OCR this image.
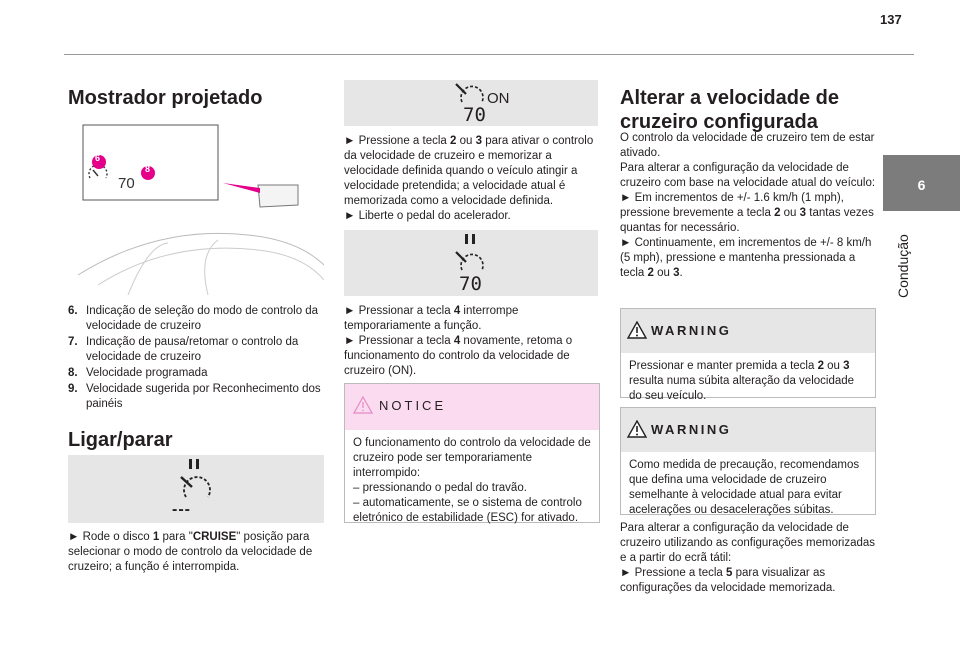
137
6
Condução
Mostrador projetado
6
8
70
6. Indicação de seleção do modo de controlo da velocidade de cruzeiro
7. Indicação de pausa/retomar o controlo da velocidade de cruzeiro
8. Velocidade programada
9. Velocidade sugerida por Reconhecimento dos painéis
Ligar/parar
---

► Rode o disco 1 para "CRUISE" posição para selecionar o modo de controlo da velocidade de cruzeiro; a função é interrompida.

ON
70

► Pressione a tecla 2 ou 3 para ativar o controlo da velocidade de cruzeiro e memorizar a velocidade definida quando o veículo atingir a velocidade pretendida; a velocidade atual é memorizada como a velocidade definida.

► Liberte o pedal do acelerador.

70

► Pressionar a tecla 4 interrompe temporariamente a função.

► Pressionar a tecla 4 novamente, retoma o funcionamento do controlo da velocidade de cruzeiro (ON).

NOTICE
O funcionamento do controlo da velocidade de cruzeiro pode ser temporariamente interrompido:
– pressionando o pedal do travão.
– automaticamente, se o sistema de controlo eletrónico de estabilidade (ESC) for ativado.
Alterar a velocidade de cruzeiro configurada

O controlo da velocidade de cruzeiro tem de estar ativado.

Para alterar a configuração da velocidade de cruzeiro com base na velocidade atual do veículo:

► Em incrementos de +/- 1.6 km/h (1 mph), pressione brevemente a tecla 2 ou 3 tantas vezes quantas for necessário.

► Continuamente, em incrementos de +/- 8 km/h (5 mph), pressione e mantenha pressionada a tecla 2 ou 3.

WARNING
Pressionar e manter premida a tecla 2 ou 3 resulta numa súbita alteração da velocidade do seu veículo.
WARNING
Como medida de precaução, recomendamos que defina uma velocidade de cruzeiro semelhante à velocidade atual para evitar acelerações ou desacelerações súbitas.

Para alterar a configuração da velocidade de cruzeiro utilizando as configurações memorizadas e a partir do ecrã tátil:

► Pressione a tecla 5 para visualizar as configurações da velocidade memorizada.
